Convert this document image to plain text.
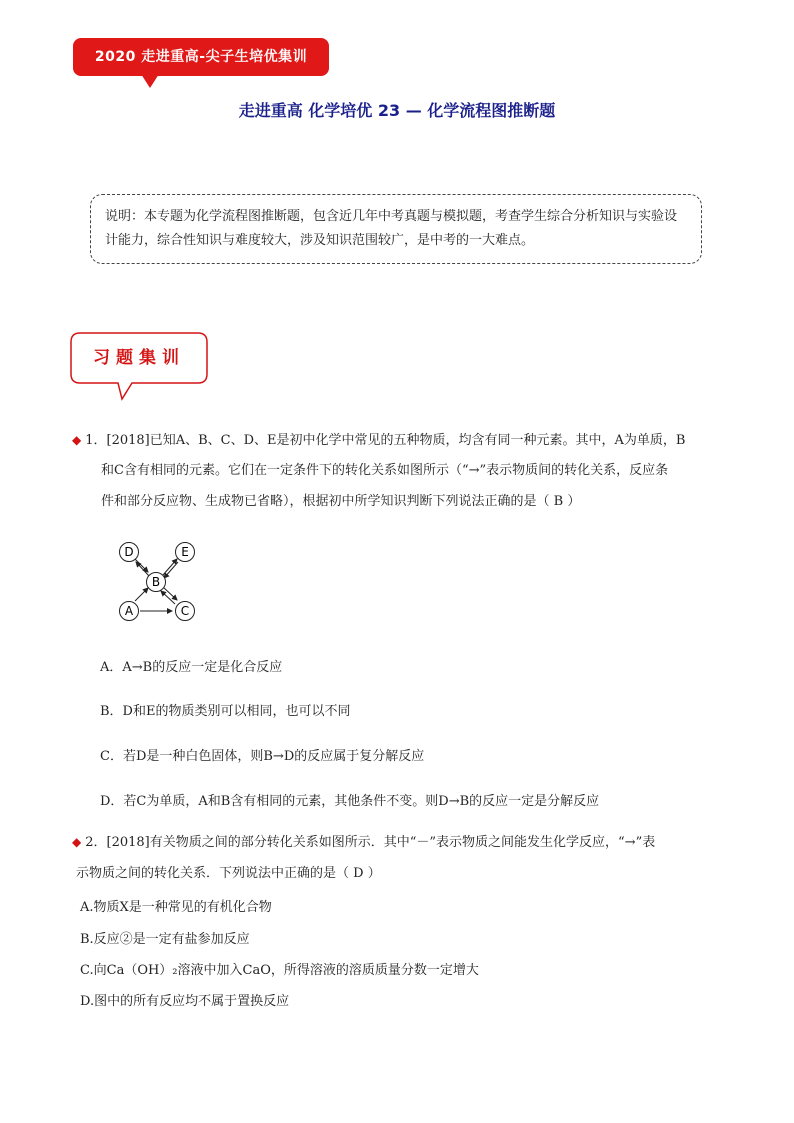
2020 走进重高-尖子生培优集训
走进重高 化学培优 23 — 化学流程图推断题
说明：本专题为化学流程图推断题，包含近几年中考真题与模拟题，考查学生综合分析知识与实验设计能力，综合性知识与难度较大，涉及知识范围较广，是中考的一大难点。
习题集训
◆ 1．[2018]已知A、B、C、D、E是初中化学中常见的五种物质，均含有同一种元素。其中，A为单质，B
和C含有相同的元素。它们在一定条件下的转化关系如图所示（“→”表示物质间的转化关系，反应条
件和部分反应物、生成物已省略），根据初中所学知识判断下列说法正确的是（ B ）
D	E
B
A	C
A．A→B的反应一定是化合反应
B．D和E的物质类别可以相同，也可以不同
C．若D是一种白色固体，则B→D的反应属于复分解反应
D．若C为单质，A和B含有相同的元素，其他条件不变。则D→B的反应一定是分解反应
◆ 2．[2018]有关物质之间的部分转化关系如图所示．其中“－”表示物质之间能发生化学反应，“→”表
示物质之间的转化关系．下列说法中正确的是（ D ）
A.物质X是一种常见的有机化合物
B.反应②是一定有盐参加反应
C.向Ca（OH）₂溶液中加入CaO，所得溶液的溶质质量分数一定增大
D.图中的所有反应均不属于置换反应
